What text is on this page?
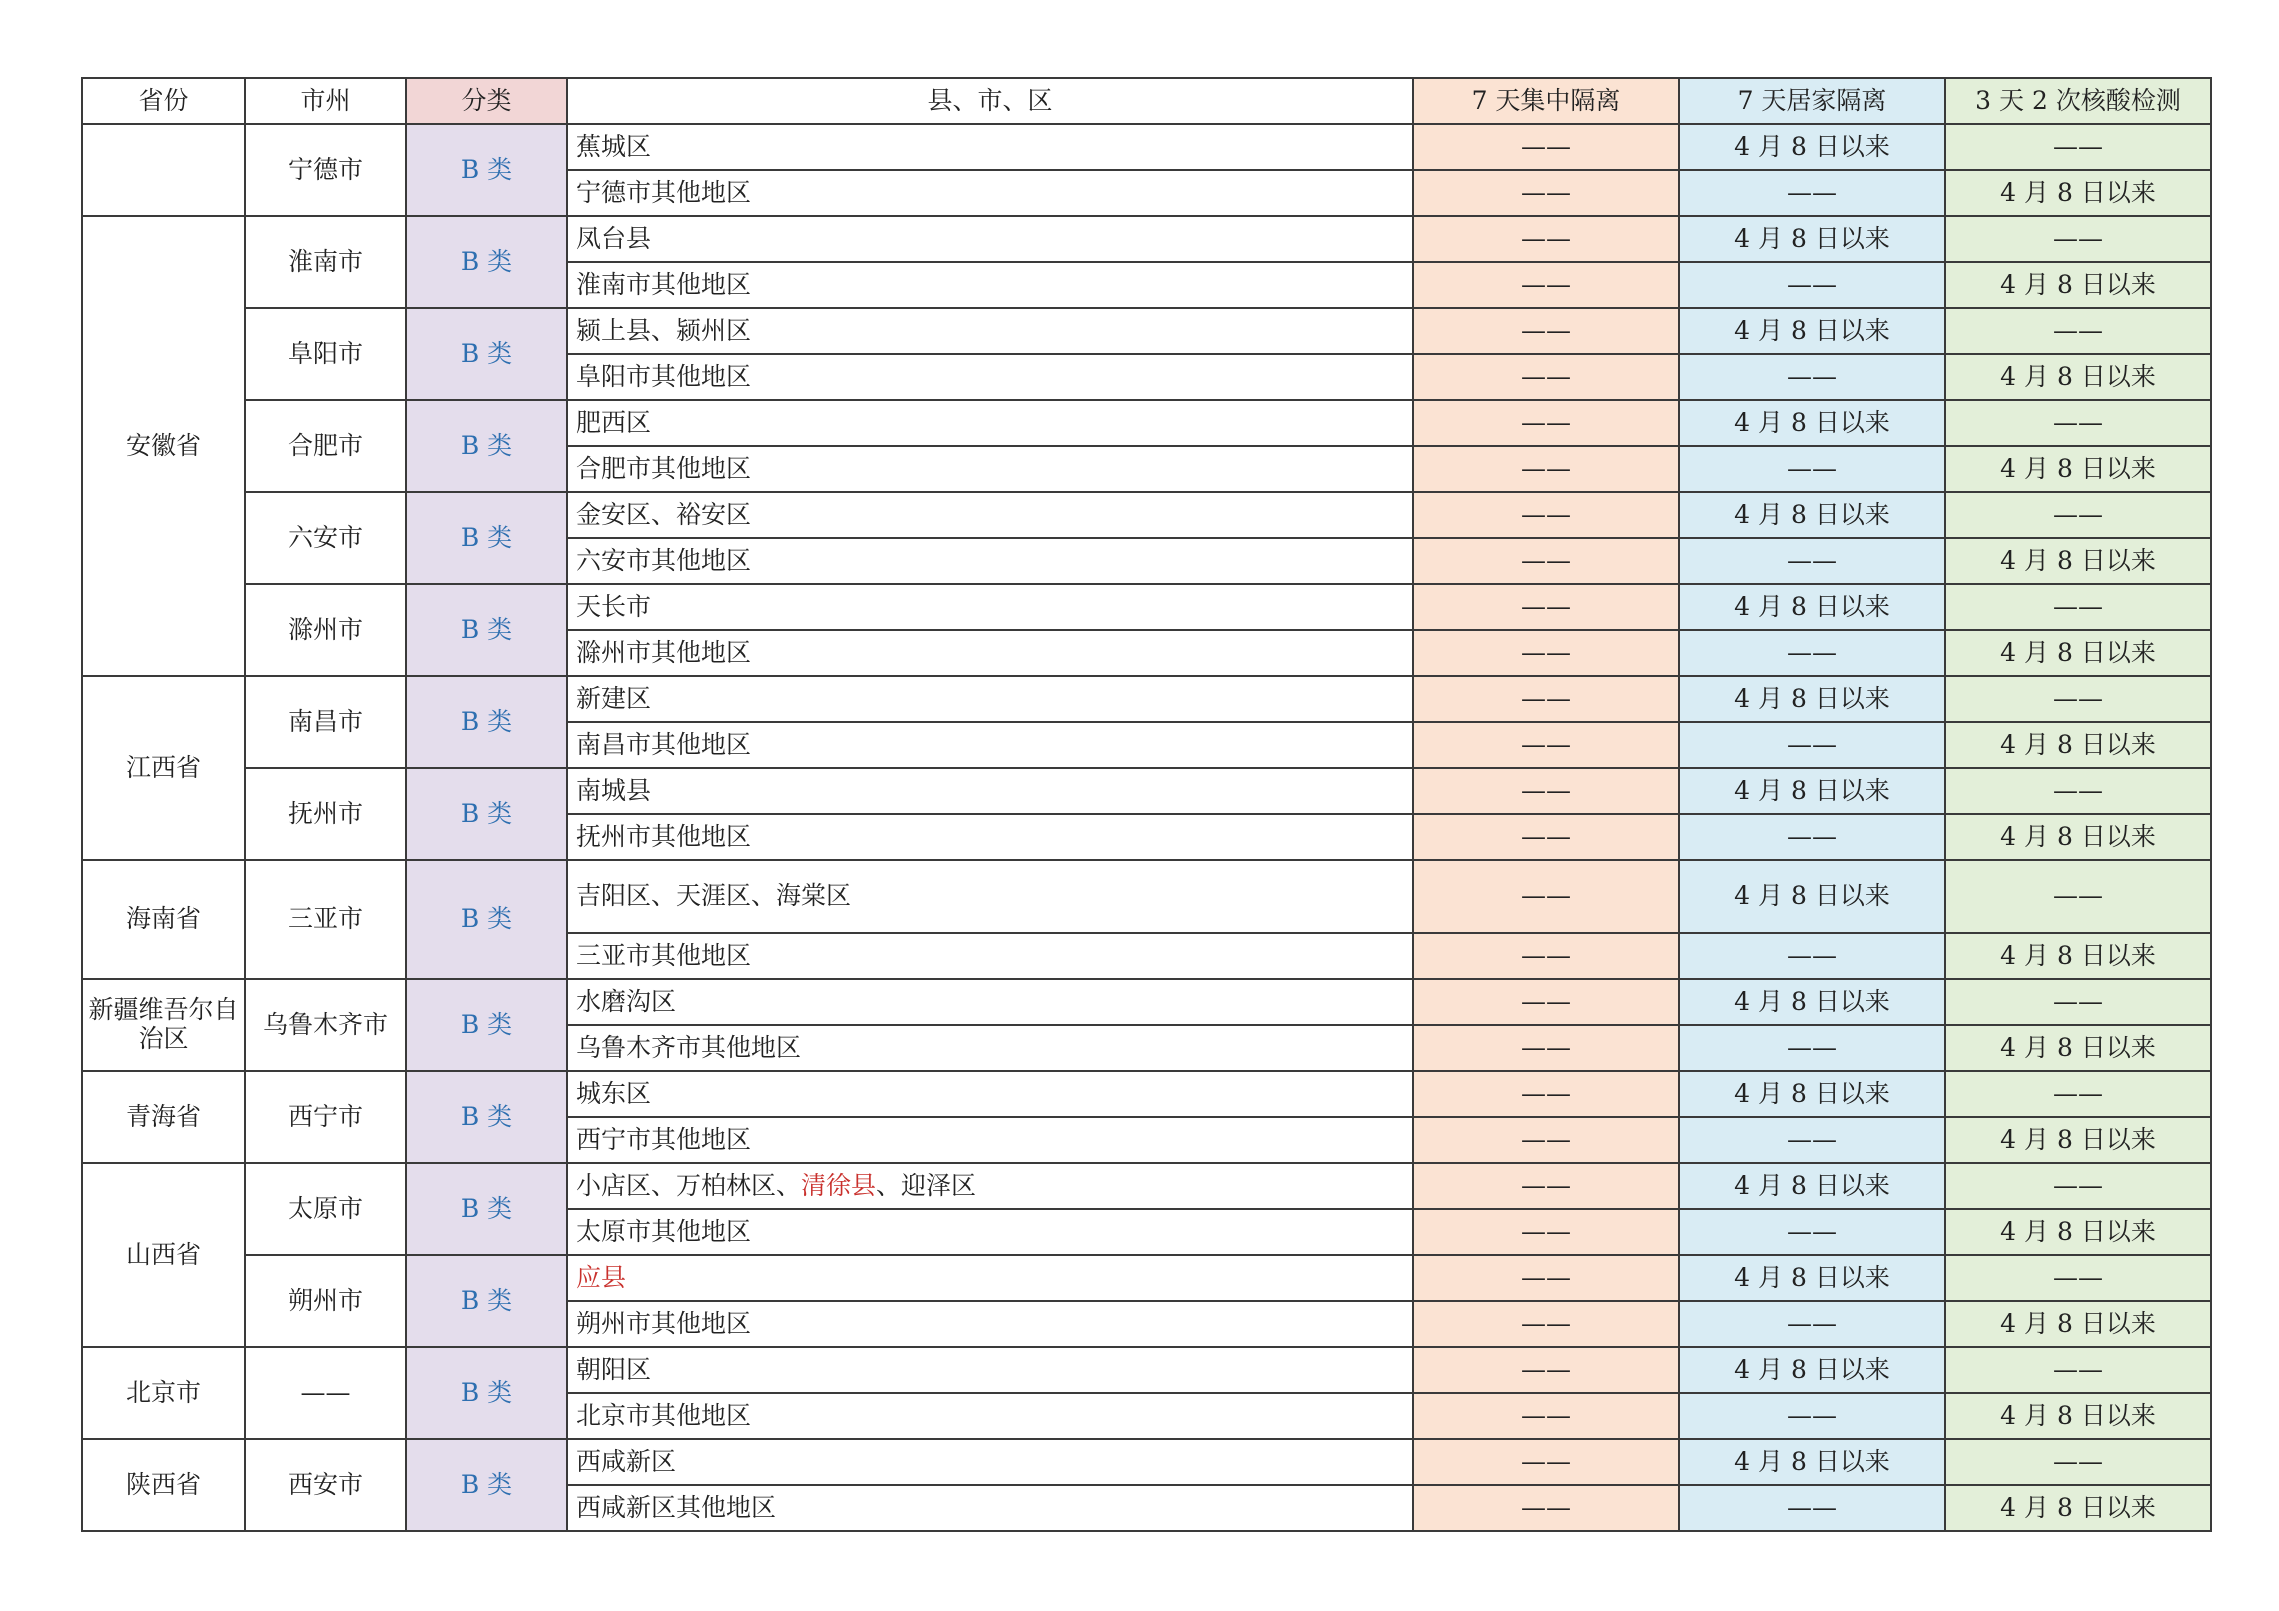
省份	市州	分类	县、市、区	7 天集中隔离	7 天居家隔离	3 天 2 次核酸检测
	宁德市	B 类	蕉城区	——	4 月 8 日以来	——
			宁德市其他地区	——	——	4 月 8 日以来
安徽省	淮南市	B 类	凤台县	——	4 月 8 日以来	——
			淮南市其他地区	——	——	4 月 8 日以来
	阜阳市	B 类	颍上县、颍州区	——	4 月 8 日以来	——
			阜阳市其他地区	——	——	4 月 8 日以来
	合肥市	B 类	肥西区	——	4 月 8 日以来	——
			合肥市其他地区	——	——	4 月 8 日以来
	六安市	B 类	金安区、裕安区	——	4 月 8 日以来	——
			六安市其他地区	——	——	4 月 8 日以来
	滁州市	B 类	天长市	——	4 月 8 日以来	——
			滁州市其他地区	——	——	4 月 8 日以来
江西省	南昌市	B 类	新建区	——	4 月 8 日以来	——
			南昌市其他地区	——	——	4 月 8 日以来
	抚州市	B 类	南城县	——	4 月 8 日以来	——
			抚州市其他地区	——	——	4 月 8 日以来
海南省	三亚市	B 类	吉阳区、天涯区、海棠区	——	4 月 8 日以来	——
			三亚市其他地区	——	——	4 月 8 日以来
新疆维吾尔自治区	乌鲁木齐市	B 类	水磨沟区	——	4 月 8 日以来	——
			乌鲁木齐市其他地区	——	——	4 月 8 日以来
青海省	西宁市	B 类	城东区	——	4 月 8 日以来	——
			西宁市其他地区	——	——	4 月 8 日以来
山西省	太原市	B 类	小店区、万柏林区、清徐县、迎泽区	——	4 月 8 日以来	——
			太原市其他地区	——	——	4 月 8 日以来
	朔州市	B 类	应县	——	4 月 8 日以来	——
			朔州市其他地区	——	——	4 月 8 日以来
北京市	——	B 类	朝阳区	——	4 月 8 日以来	——
			北京市其他地区	——	——	4 月 8 日以来
陕西省	西安市	B 类	西咸新区	——	4 月 8 日以来	——
			西咸新区其他地区	——	——	4 月 8 日以来
